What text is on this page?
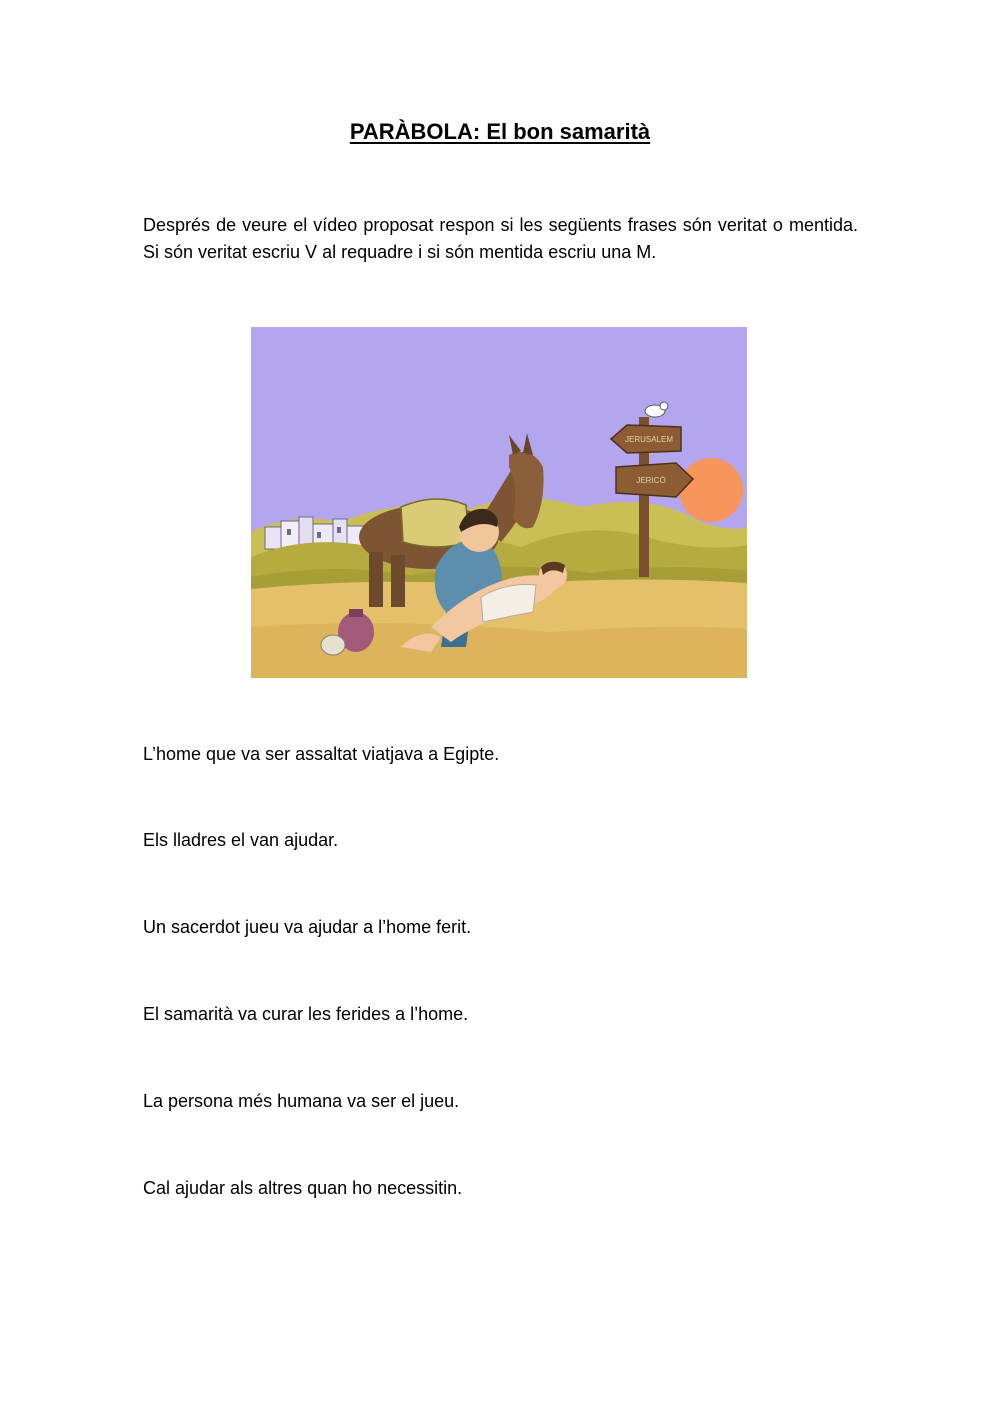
PARÀBOLA: El bon samarità
Després de veure el vídeo proposat respon si les següents frases són veritat o mentida. Si són veritat escriu V al requadre i si són mentida escriu una M.
JERUSALEM
JERICÓ
L’home que va ser assaltat viatjava a Egipte.
Els lladres el van ajudar.
Un sacerdot jueu va ajudar a l’home ferit.
El samarità va curar les ferides a l’home.
La persona més humana va ser el jueu.
Cal ajudar als altres quan ho necessitin.
